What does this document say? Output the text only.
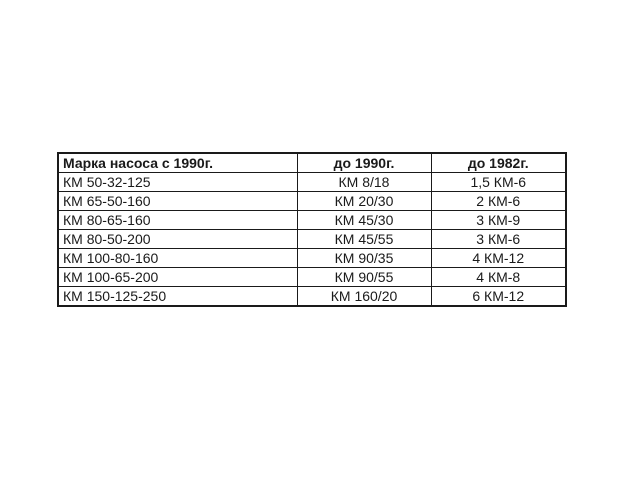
Марка насоса с 1990г.	до 1990г.	до 1982г.
КМ 50-32-125	КМ 8/18	1,5 КМ-6
КМ 65-50-160	КМ 20/30	2 КМ-6
КМ 80-65-160	КМ 45/30	3 КМ-9
КМ 80-50-200	КМ 45/55	3 КМ-6
КМ 100-80-160	КМ 90/35	4 КМ-12
КМ 100-65-200	КМ 90/55	4 КМ-8
КМ 150-125-250	КМ 160/20	6 КМ-12
